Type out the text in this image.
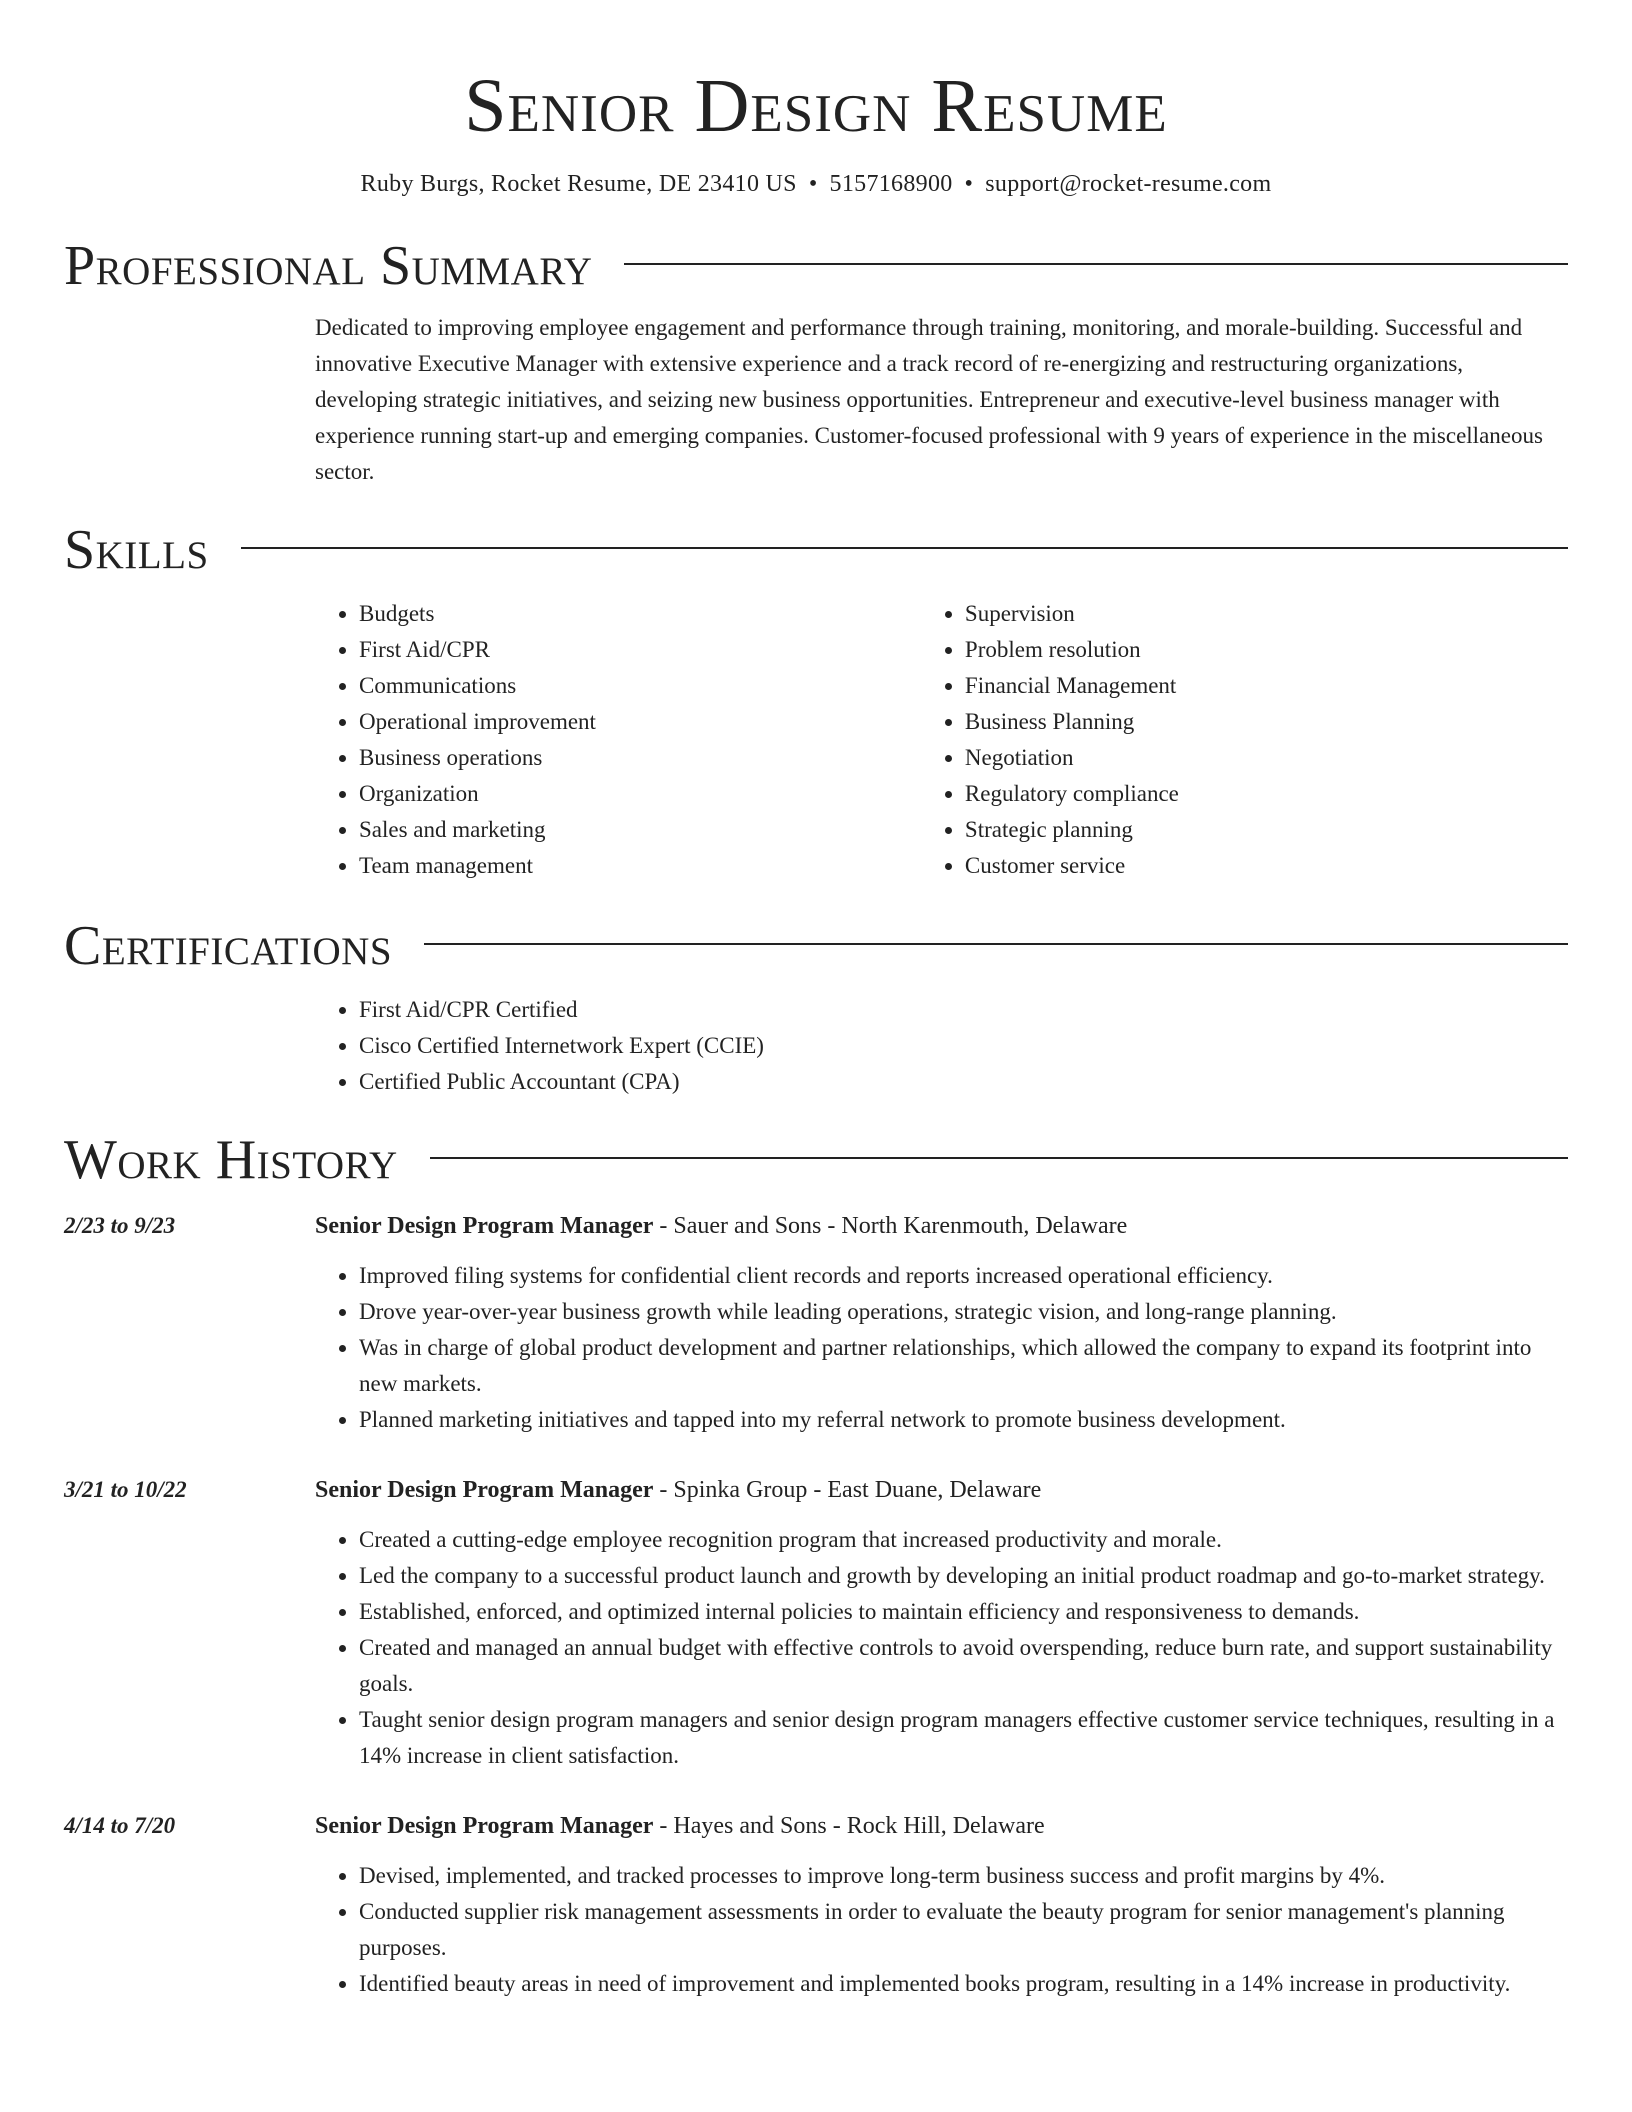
Senior Design Resume
Ruby Burgs, Rocket Resume, DE 23410 US • 5157168900 • support@rocket-resume.com
Professional Summary

Dedicated to improving employee engagement and performance through training, monitoring, and morale-building. Successful and innovative Executive Manager with extensive experience and a track record of re-energizing and restructuring organizations, developing strategic initiatives, and seizing new business opportunities. Entrepreneur and executive-level business manager with experience running start-up and emerging companies. Customer-focused professional with 9 years of experience in the miscellaneous sector.

Skills
• Budgets
• First Aid/CPR
• Communications
• Operational improvement
• Business operations
• Organization
• Sales and marketing
• Team management
• Supervision
• Problem resolution
• Financial Management
• Business Planning
• Negotiation
• Regulatory compliance
• Strategic planning
• Customer service
Certifications
• First Aid/CPR Certified
• Cisco Certified Internetwork Expert (CCIE)
• Certified Public Accountant (CPA)
Work History
2/23 to 9/23	Senior Design Program Manager - Sauer and Sons - North Karenmouth, Delaware
• Improved filing systems for confidential client records and reports increased operational efficiency.
• Drove year-over-year business growth while leading operations, strategic vision, and long-range planning.
• Was in charge of global product development and partner relationships, which allowed the company to expand its footprint into new markets.
• Planned marketing initiatives and tapped into my referral network to promote business development.
3/21 to 10/22	Senior Design Program Manager - Spinka Group - East Duane, Delaware
• Created a cutting-edge employee recognition program that increased productivity and morale.
• Led the company to a successful product launch and growth by developing an initial product roadmap and go-to-market strategy.
• Established, enforced, and optimized internal policies to maintain efficiency and responsiveness to demands.
• Created and managed an annual budget with effective controls to avoid overspending, reduce burn rate, and support sustainability goals.
• Taught senior design program managers and senior design program managers effective customer service techniques, resulting in a 14% increase in client satisfaction.
4/14 to 7/20	Senior Design Program Manager - Hayes and Sons - Rock Hill, Delaware
• Devised, implemented, and tracked processes to improve long-term business success and profit margins by 4%.
• Conducted supplier risk management assessments in order to evaluate the beauty program for senior management's planning purposes.
• Identified beauty areas in need of improvement and implemented books program, resulting in a 14% increase in productivity.
